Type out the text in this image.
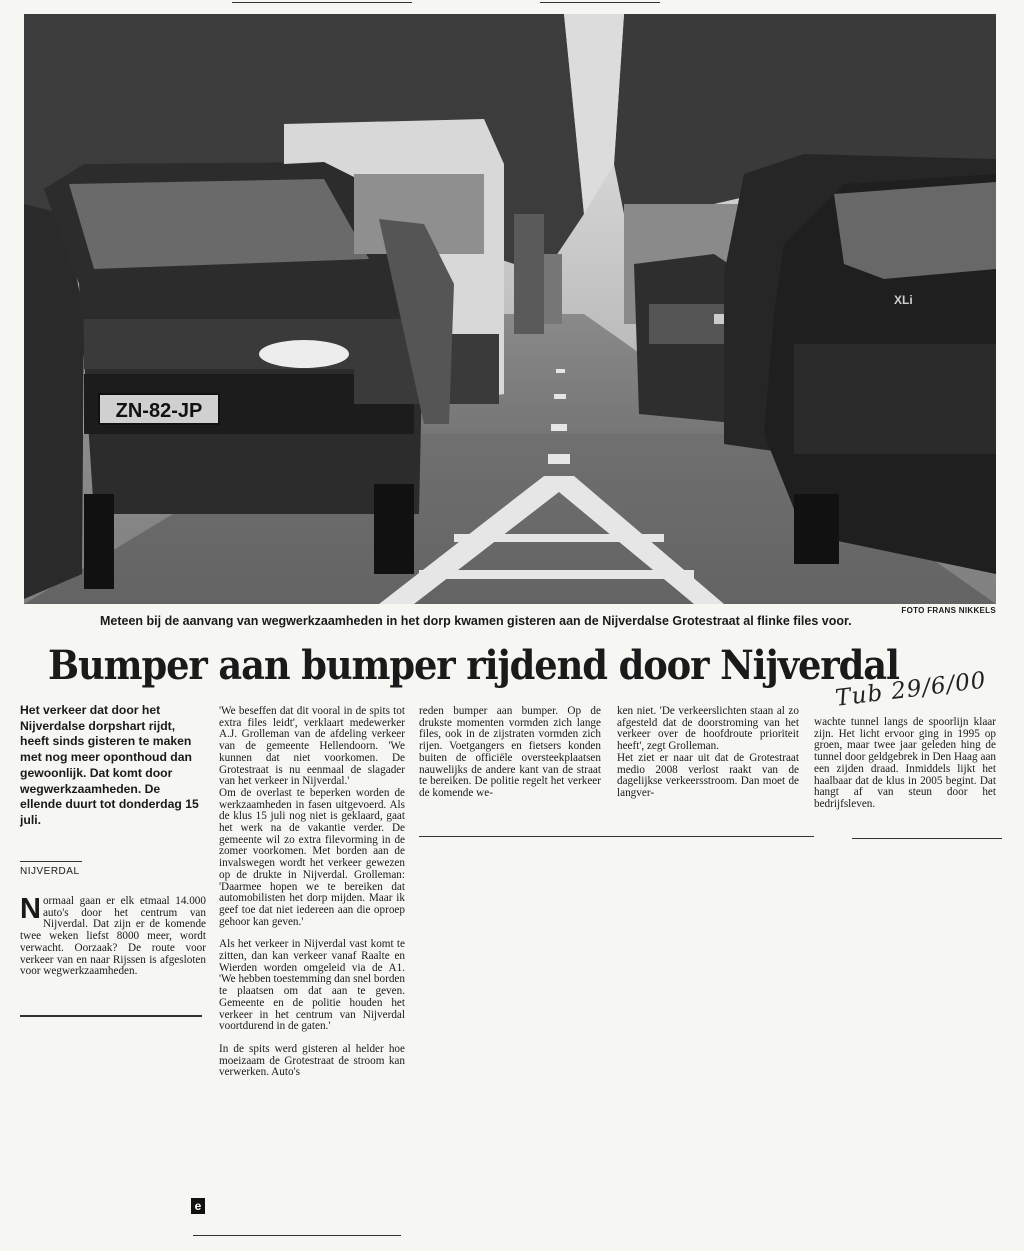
ZN-82-JP
XLi
FOTO FRANS NIKKELS
Meteen bij de aanvang van wegwerkzaamheden in het dorp kwamen gisteren aan de Nijverdalse Grotestraat al flinke files voor.
Bumper aan bumper rijdend door Nijverdal
Tub 29/6/00
Het verkeer dat door het Nijverdalse dorpshart rijdt, heeft sinds gisteren te maken met nog meer oponthoud dan gewoonlijk. Dat komt door wegwerkzaamheden. De ellende duurt tot donderdag 15 juli.
NIJVERDAL

Normaal gaan er elk etmaal 14.000 auto's door het centrum van Nijverdal. Dat zijn er de komende twee weken liefst 8000 meer, wordt verwacht. Oorzaak? De route voor verkeer van en naar Rijssen is afgesloten voor wegwerkzaamheden.

'We beseffen dat dit vooral in de spits tot extra files leidt', verklaart medewerker A.J. Grolleman van de afdeling verkeer van de gemeente Hellendoorn. 'We kunnen dat niet voorkomen. De Grotestraat is nu eenmaal de slagader van het verkeer in Nijverdal.'

Om de overlast te beperken worden de werkzaamheden in fasen uitgevoerd. Als de klus 15 juli nog niet is geklaard, gaat het werk na de vakantie verder. De gemeente wil zo extra filevorming in de zomer voorkomen. Met borden aan de invalswegen wordt het verkeer gewezen op de drukte in Nijverdal. Grolleman: 'Daarmee hopen we te bereiken dat automobilisten het dorp mijden. Maar ik geef toe dat niet iedereen aan die oproep gehoor kan geven.'

Als het verkeer in Nijverdal vast komt te zitten, dan kan verkeer vanaf Raalte en Wierden worden omgeleid via de A1. 'We hebben toestemming dan snel borden te plaatsen om dat aan te geven. Gemeente en de politie houden het verkeer in het centrum van Nijverdal voortdurend in de gaten.'

In de spits werd gisteren al helder hoe moeizaam de Grotestraat de stroom kan verwerken. Auto's

e

reden bumper aan bumper. Op de drukste momenten vormden zich lange files, ook in de zijstraten vormden zich rijen. Voetgangers en fietsers konden buiten de officiële oversteekplaatsen nauwelijks de andere kant van de straat te bereiken. De politie regelt het verkeer de komende we-

ken niet. 'De verkeerslichten staan al zo afgesteld dat de doorstroming van het verkeer over de hoofdroute prioriteit heeft', zegt Grolleman.

Het ziet er naar uit dat de Grotestraat medio 2008 verlost raakt van de dagelijkse verkeersstroom. Dan moet de langver-

wachte tunnel langs de spoorlijn klaar zijn. Het licht ervoor ging in 1995 op groen, maar twee jaar geleden hing de tunnel door geldgebrek in Den Haag aan een zijden draad. Inmiddels lijkt het haalbaar dat de klus in 2005 begint. Dat hangt af van steun door het bedrijfsleven.
